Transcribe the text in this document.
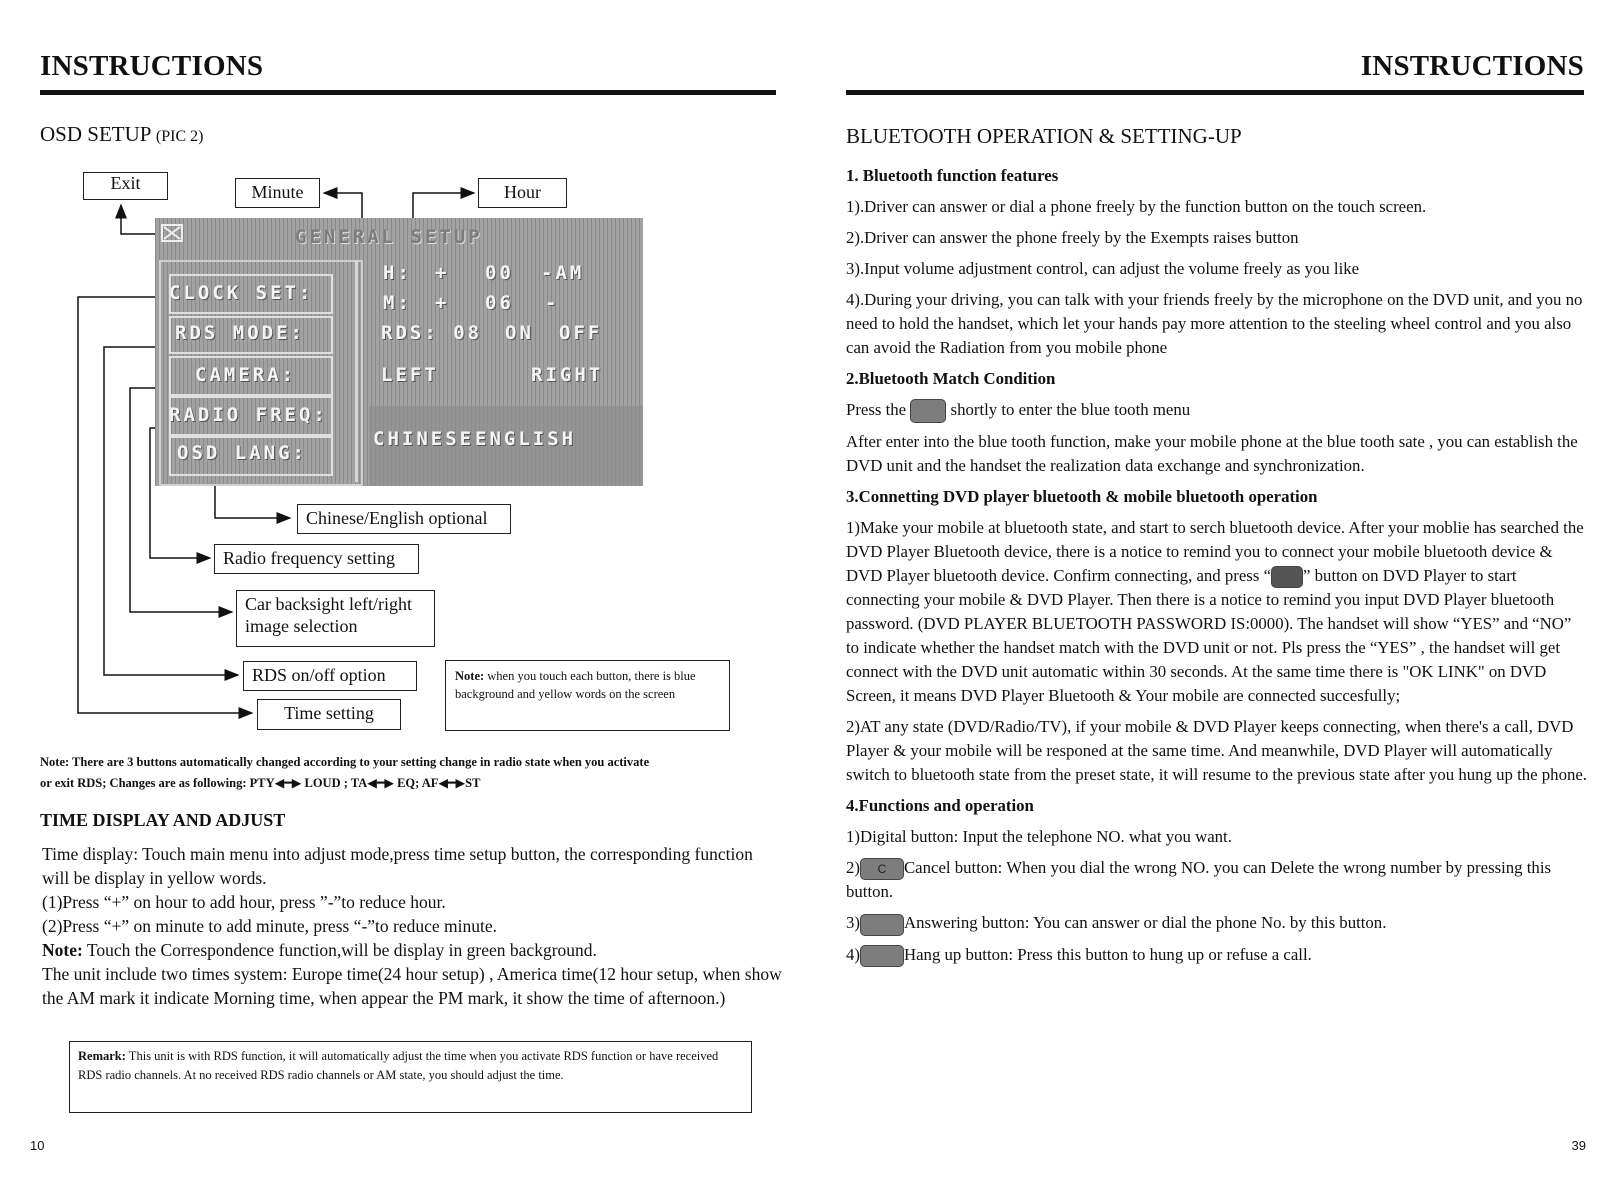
INSTRUCTIONS
OSD SETUP (PIC 2)
Exit	Minute	Hour
Chinese/English optional
Radio frequency setting
Car backsight left/right
image selection
RDS on/off option
Time setting
Note: when you touch each button, there is blue background and yellow words on the screen
GENERAL SETUP
CLOCK SET:
RDS MODE:
CAMERA:
RADIO FREQ:
OSD LANG:
H: + 00 -AM
M: + 06 -
RDS: 08 ON OFF
LEFT	RIGHT
CHINESE ENGLISH
Note: There are 3 buttons automatically changed according to your setting change in radio state when you activate
or exit RDS; Changes are as following: PTY◀━▶ LOUD ; TA◀━▶ EQ; AF◀━▶ST
TIME DISPLAY AND ADJUST

Time display: Touch main menu into adjust mode,press time setup button, the corresponding function will be display in yellow words.

(1)Press “+” on hour to add hour, press ”-”to reduce hour.

(2)Press “+” on minute to add minute, press “-”to reduce minute.

Note: Touch the Correspondence function,will be display in green background.

The unit include two times system: Europe time(24 hour setup) , America time(12 hour setup, when show the AM mark it indicate Morning time, when appear the PM mark, it show the time of afternoon.)

Remark: This unit is with RDS function, it will automatically adjust the time when you activate RDS function or have received RDS radio channels. At no received RDS radio channels or AM state, you should adjust the time.
10
INSTRUCTIONS
BLUETOOTH OPERATION & SETTING-UP

1. Bluetooth function features

1).Driver can answer or dial a phone freely by the function button on the touch screen.

2).Driver can answer the phone freely by the Exempts raises button

3).Input volume adjustment control, can adjust the volume freely as you like

4).During your driving, you can talk with your friends freely by the microphone on the DVD unit, and you no need to hold the handset, which let your hands pay more attention to the steeling wheel control and you also can avoid the Radiation from you mobile phone

2.Bluetooth Match Condition

Press the	shortly to enter the blue tooth menu

After enter into the blue tooth function, make your mobile phone at the blue tooth sate , you can establish the DVD unit and the handset the realization data exchange and synchronization.

3.Connetting DVD player bluetooth & mobile bluetooth operation

1)Make your mobile at bluetooth state, and start to serch bluetooth device. After your moblie has searched the DVD Player Bluetooth device, there is a notice to remind you to connect your mobile bluetooth device & DVD Player bluetooth device. Confirm connecting, and press “ ” button on DVD Player to start connecting your mobile & DVD Player. Then there is a notice to remind you input DVD Player bluetooth password. (DVD PLAYER BLUETOOTH PASSWORD IS:0000). The handset will show “YES” and “NO” to indicate whether the handset match with the DVD unit or not. Pls press the “YES” , the handset will get connect with the DVD unit automatic within 30 seconds. At the same time there is "OK LINK" on DVD Screen, it means DVD Player Bluetooth & Your mobile are connected succesfully;

2)AT any state (DVD/Radio/TV), if your mobile & DVD Player keeps connecting, when there's a call, DVD Player & your mobile will be responed at the same time. And meanwhile, DVD Player will automatically switch to bluetooth state from the preset state, it will resume to the previous state after you hung up the phone.

4.Functions and operation

1)Digital button: Input the telephone NO. what you want.

2) C Cancel button: When you dial the wrong NO. you can Delete the wrong number by pressing this button.

3)	Answering button: You can answer or dial the phone No. by this button.

4)	Hang up button: Press this button to hung up or refuse a call.

39
